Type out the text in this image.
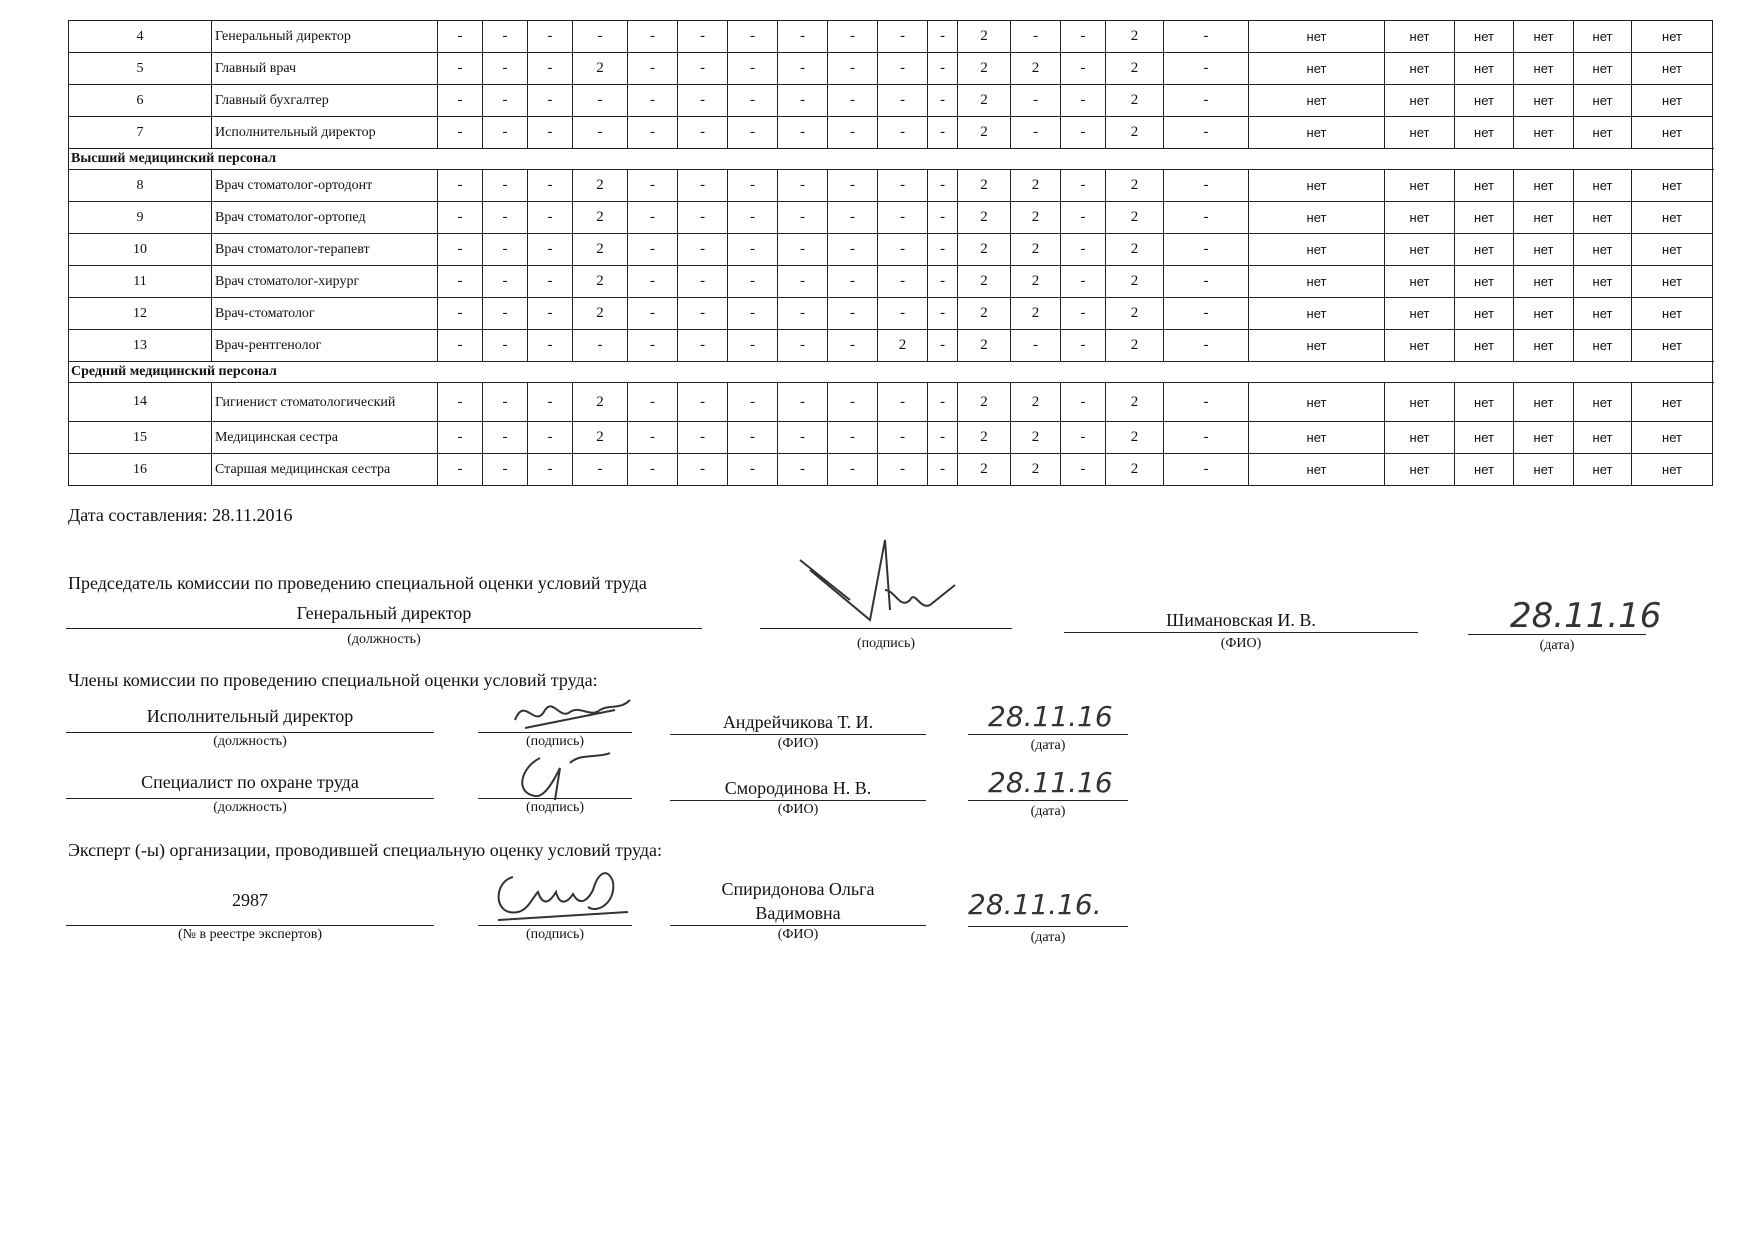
4	Генеральный директор	-	-	-	-	-	-	-	-	-	-	-	2	-	-	2	-	нет	нет	нет	нет	нет	нет
5	Главный врач	-	-	-	2	-	-	-	-	-	-	-	2	2	-	2	-	нет	нет	нет	нет	нет	нет
6	Главный бухгалтер	-	-	-	-	-	-	-	-	-	-	-	2	-	-	2	-	нет	нет	нет	нет	нет	нет
7	Исполнительный директор	-	-	-	-	-	-	-	-	-	-	-	2	-	-	2	-	нет	нет	нет	нет	нет	нет
Высший медицинский персонал																							
8	Врач стоматолог-ортодонт	-	-	-	2	-	-	-	-	-	-	-	2	2	-	2	-	нет	нет	нет	нет	нет	нет
9	Врач стоматолог-ортопед	-	-	-	2	-	-	-	-	-	-	-	2	2	-	2	-	нет	нет	нет	нет	нет	нет
10	Врач стоматолог-терапевт	-	-	-	2	-	-	-	-	-	-	-	2	2	-	2	-	нет	нет	нет	нет	нет	нет
11	Врач стоматолог-хирург	-	-	-	2	-	-	-	-	-	-	-	2	2	-	2	-	нет	нет	нет	нет	нет	нет
12	Врач-стоматолог	-	-	-	2	-	-	-	-	-	-	-	2	2	-	2	-	нет	нет	нет	нет	нет	нет
13	Врач-рентгенолог	-	-	-	-	-	-	-	-	-	2	-	2	-	-	2	-	нет	нет	нет	нет	нет	нет
Средний медицинский персонал																							
14	Гигиенист стоматологический	-	-	-	2	-	-	-	-	-	-	-	2	2	-	2	-	нет	нет	нет	нет	нет	нет
15	Медицинская сестра	-	-	-	2	-	-	-	-	-	-	-	2	2	-	2	-	нет	нет	нет	нет	нет	нет
16	Старшая медицинская сестра	-	-	-	-	-	-	-	-	-	-	-	2	2	-	2	-	нет	нет	нет	нет	нет	нет
Дата составления: 28.11.2016
Председатель комиссии по проведению специальной оценки условий труда
Генеральный директор
(должность)	(подпись)
Шимановская И. В.
(ФИО)
28.11.16
(дата)
Члены комиссии по проведению специальной оценки условий труда:
Исполнительный директор
(должность)	(подпись)
Андрейчикова Т. И.
(ФИО)
28.11.16
(дата)
Специалист по охране труда
(должность)	(подпись)
Смородинова Н. В.
(ФИО)
28.11.16
(дата)
Эксперт (-ы) организации, проводившей специальную оценку условий труда:
2987
(№ в реестре экспертов)	(подпись)
Спиридонова Ольга
Вадимовна
(ФИО)
28.11.16.
(дата)
